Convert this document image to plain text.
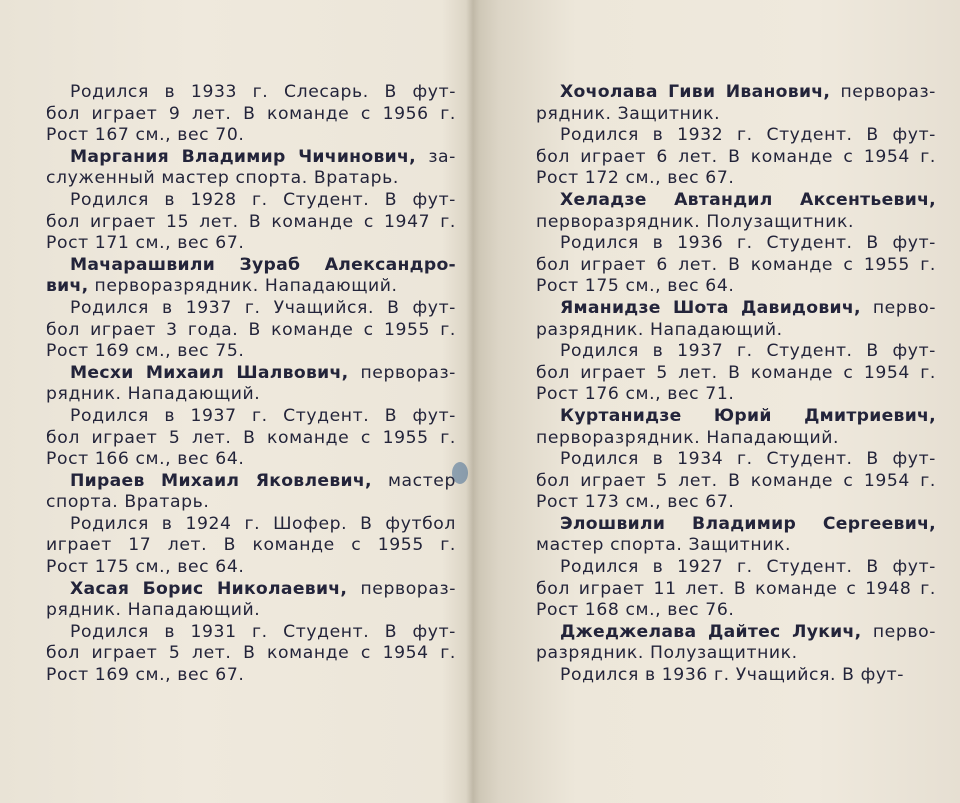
Родился в 1933 г. Слесарь. В фут-
бол играет 9 лет. В команде с 1956 г.
Рост 167 см., вес 70.
Маргания Владимир Чичинович, за-
служенный мастер спорта. Вратарь.
Родился в 1928 г. Студент. В фут-
бол играет 15 лет. В команде с 1947 г.
Рост 171 см., вес 67.
Мачарашвили Зураб Александро-
вич, перворазрядник. Нападающий.
Родился в 1937 г. Учащийся. В фут-
бол играет 3 года. В команде с 1955 г.
Рост 169 см., вес 75.
Месхи Михаил Шалвович, перворaз-
рядник. Нападающий.
Родился в 1937 г. Студент. В фут-
бол играет 5 лет. В команде с 1955 г.
Рост 166 см., вес 64.
Пираев Михаил Яковлевич, мастер
спорта. Вратарь.
Родился в 1924 г. Шофер. В футбол
играет 17 лет. В команде с 1955 г.
Рост 175 см., вес 64.
Хасая Борис Николаевич, перворaз-
рядник. Нападающий.
Родился в 1931 г. Студент. В фут-
бол играет 5 лет. В команде с 1954 г.
Рост 169 см., вес 67.
Хочолава Гиви Иванович, перворaз-
рядник. Защитник.
Родился в 1932 г. Студент. В фут-
бол играет 6 лет. В команде с 1954 г.
Рост 172 см., вес 67.
Хеладзе Автандил Аксентьевич,
перворазрядник. Полузащитник.
Родился в 1936 г. Студент. В фут-
бол играет 6 лет. В команде с 1955 г.
Рост 175 см., вес 64.
Яманидзе Шота Давидович, перво-
разрядник. Нападающий.
Родился в 1937 г. Студент. В фут-
бол играет 5 лет. В команде с 1954 г.
Рост 176 см., вес 71.
Куртанидзе Юрий Дмитриевич,
перворазрядник. Нападающий.
Родился в 1934 г. Студент. В фут-
бол играет 5 лет. В команде с 1954 г.
Рост 173 см., вес 67.
Элошвили Владимир Сергеевич,
мастер спорта. Защитник.
Родился в 1927 г. Студент. В фут-
бол играет 11 лет. В команде с 1948 г.
Рост 168 см., вес 76.
Джеджелава Дайтес Лукич, перво-
разрядник. Полузащитник.
Родился в 1936 г. Учащийся. В фут-
